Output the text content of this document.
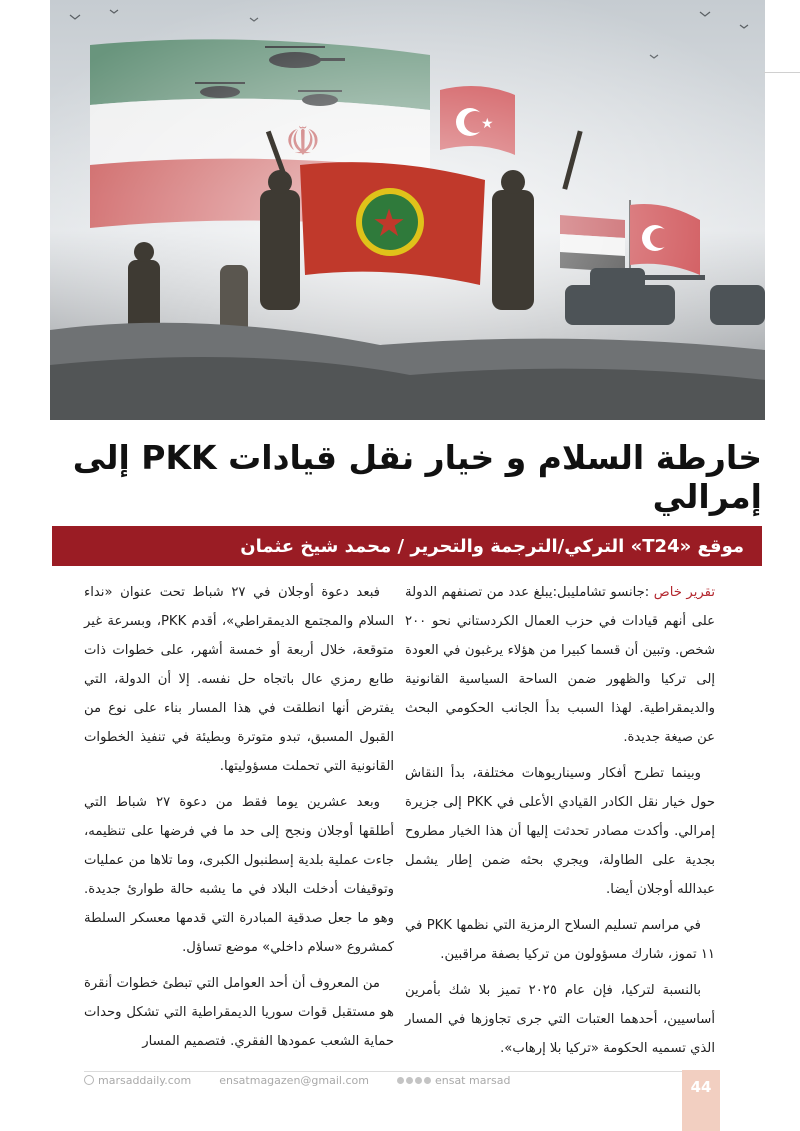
★
خارطة السلام و خيار نقل قيادات PKK إلى إمرالي
موقع «T24» التركي/الترجمة والتحرير / محمد شيخ عثمان

تقرير خاص :جانسو تشامليبل:يبلغ عدد من تصنفهم الدولة على أنهم قيادات في حزب العمال الكردستاني نحو ٢٠٠ شخص. وتبين أن قسما كبيرا من هؤلاء يرغبون في العودة إلى تركيا والظهور ضمن الساحة السياسية القانونية والديمقراطية. لهذا السبب بدأ الجانب الحكومي البحث عن صيغة جديدة.

وبينما تطرح أفكار وسيناريوهات مختلفة، بدأ النقاش حول خيار نقل الكادر القيادي الأعلى في PKK إلى جزيرة إمرالي. وأكدت مصادر تحدثت إليها أن هذا الخيار مطروح بجدية على الطاولة، ويجري بحثه ضمن إطار يشمل عبدالله أوجلان أيضا.

في مراسم تسليم السلاح الرمزية التي نظمها PKK في ١١ تموز، شارك مسؤولون من تركيا بصفة مراقبين.

بالنسبة لتركيا، فإن عام ٢٠٢٥ تميز بلا شك بأمرين أساسيين، أحدهما العتبات التي جرى تجاوزها في المسار الذي تسميه الحكومة «تركيا بلا إرهاب».

فبعد دعوة أوجلان في ٢٧ شباط تحت عنوان «نداء السلام والمجتمع الديمقراطي»، أقدم PKK، وبسرعة غير متوقعة، خلال أربعة أو خمسة أشهر، على خطوات ذات طابع رمزي عال باتجاه حل نفسه. إلا أن الدولة، التي يفترض أنها انطلقت في هذا المسار بناء على نوع من القبول المسبق، تبدو متوترة وبطيئة في تنفيذ الخطوات القانونية التي تحملت مسؤوليتها.

وبعد عشرين يوما فقط من دعوة ٢٧ شباط التي أطلقها أوجلان ونجح إلى حد ما في فرضها على تنظيمه، جاءت عملية بلدية إسطنبول الكبرى، وما تلاها من عمليات وتوقيفات أدخلت البلاد في ما يشبه حالة طوارئ جديدة. وهو ما جعل صدقية المبادرة التي قدمها معسكر السلطة كمشروع «سلام داخلي» موضع تساؤل.

من المعروف أن أحد العوامل التي تبطئ خطوات أنقرة هو مستقبل قوات سوريا الديمقراطية التي تشكل وحدات حماية الشعب عمودها الفقري. فتصميم المسار

marsaddaily.com	ensatmagazen@gmail.com	ensat marsad	44
